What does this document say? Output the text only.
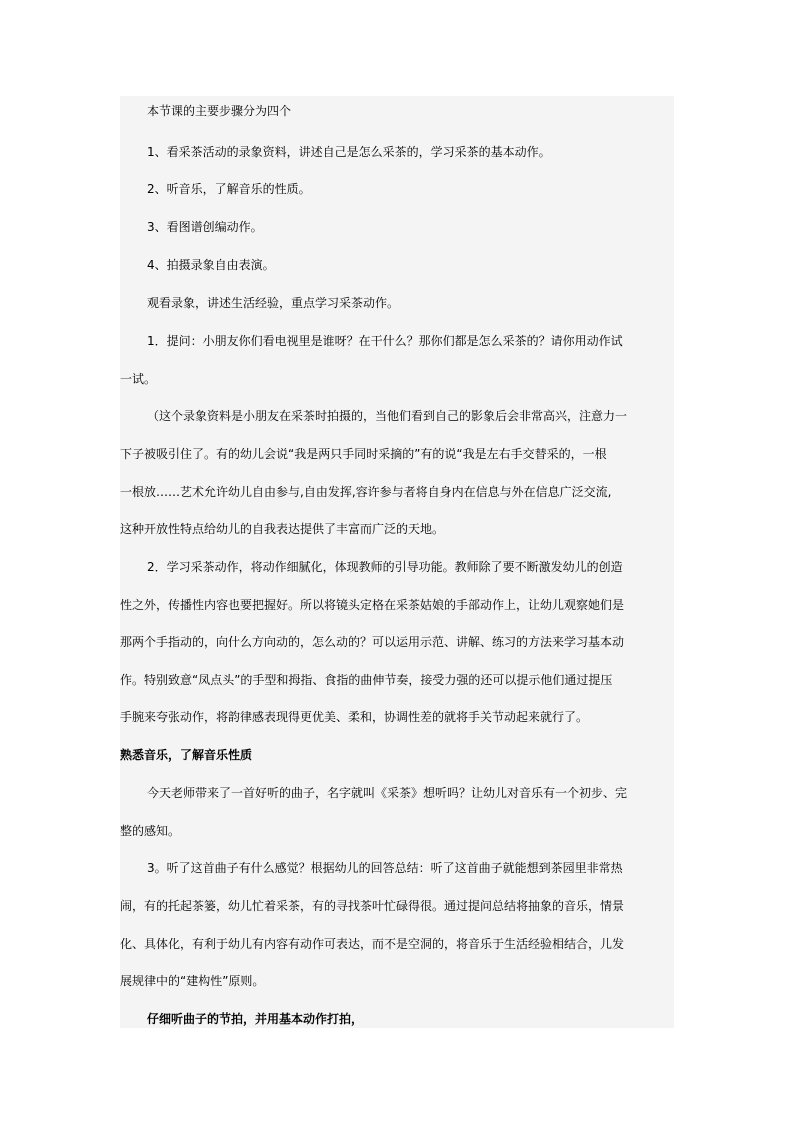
本节课的主要步骤分为四个
1、看采茶活动的录象资料，讲述自己是怎么采茶的，学习采茶的基本动作。
2、听音乐，了解音乐的性质。
3、看图谱创编动作。
4、拍摄录象自由表演。
观看录象，讲述生活经验，重点学习采茶动作。
1．提问：小朋友你们看电视里是谁呀？在干什么？那你们都是怎么采茶的？请你用动作试
一试。
（这个录象资料是小朋友在采茶时拍摄的，当他们看到自己的影象后会非常高兴，注意力一
下子被吸引住了。有的幼儿会说“我是两只手同时采摘的”有的说“我是左右手交替采的，一根
一根放……艺术允许幼儿自由参与,自由发挥,容许参与者将自身内在信息与外在信息广泛交流,
这种开放性特点给幼儿的自我表达提供了丰富而广泛的天地。
2．学习采茶动作，将动作细腻化，体现教师的引导功能。教师除了要不断激发幼儿的创造
性之外，传播性内容也要把握好。所以将镜头定格在采茶姑娘的手部动作上，让幼儿观察她们是
那两个手指动的，向什么方向动的，怎么动的？可以运用示范、讲解、练习的方法来学习基本动
作。特别致意“凤点头”的手型和拇指、食指的曲伸节奏，接受力强的还可以提示他们通过提压
手腕来夸张动作，将韵律感表现得更优美、柔和，协调性差的就将手关节动起来就行了。
熟悉音乐，了解音乐性质
今天老师带来了一首好听的曲子，名字就叫《采茶》想听吗？让幼儿对音乐有一个初步、完
整的感知。
3。听了这首曲子有什么感觉？根据幼儿的回答总结：听了这首曲子就能想到茶园里非常热
闹，有的托起茶篓，幼儿忙着采茶，有的寻找茶叶忙碌得很。通过提问总结将抽象的音乐，情景
化、具体化，有利于幼儿有内容有动作可表达，而不是空洞的，将音乐于生活经验相结合，儿发
展规律中的“建构性”原则。
仔细听曲子的节拍，并用基本动作打拍，
